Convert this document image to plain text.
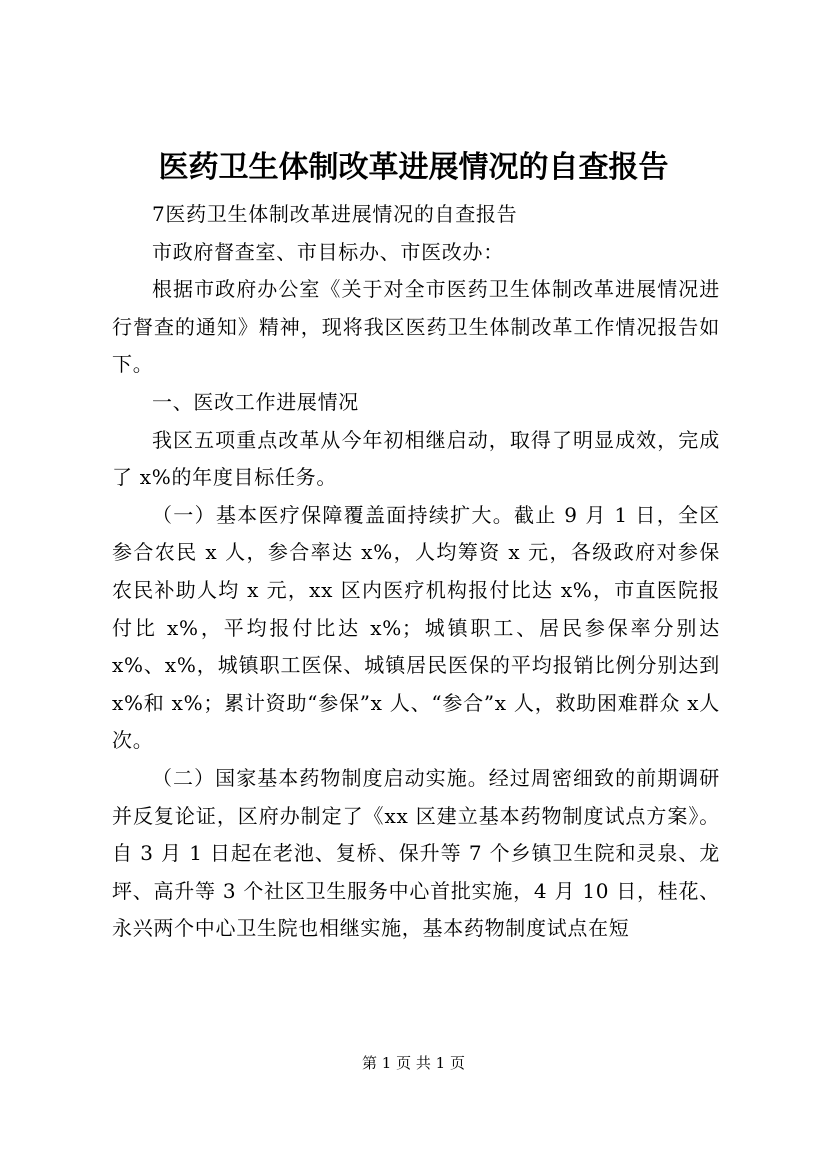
医药卫生体制改革进展情况的自查报告

7医药卫生体制改革进展情况的自查报告

市政府督查室、市目标办、市医改办：

根据市政府办公室《关于对全市医药卫生体制改革进展情况进行督查的通知》精神，现将我区医药卫生体制改革工作情况报告如下。

一、医改工作进展情况

我区五项重点改革从今年初相继启动，取得了明显成效，完成了 x%的年度目标任务。

（一）基本医疗保障覆盖面持续扩大。截止 9 月 1 日，全区参合农民 x 人，参合率达 x%，人均筹资 x 元，各级政府对参保农民补助人均 x 元，xx 区内医疗机构报付比达 x%，市直医院报付比 x%，平均报付比达 x%；城镇职工、居民参保率分别达 x%、x%，城镇职工医保、城镇居民医保的平均报销比例分别达到 x%和 x%；累计资助“参保”x 人、“参合”x 人，救助困难群众 x人次。

（二）国家基本药物制度启动实施。经过周密细致的前期调研并反复论证，区府办制定了《xx 区建立基本药物制度试点方案》。自 3 月 1 日起在老池、复桥、保升等 7 个乡镇卫生院和灵泉、龙坪、高升等 3 个社区卫生服务中心首批实施，4 月 10 日，桂花、永兴两个中心卫生院也相继实施，基本药物制度试点在短

第 1 页 共 1 页
